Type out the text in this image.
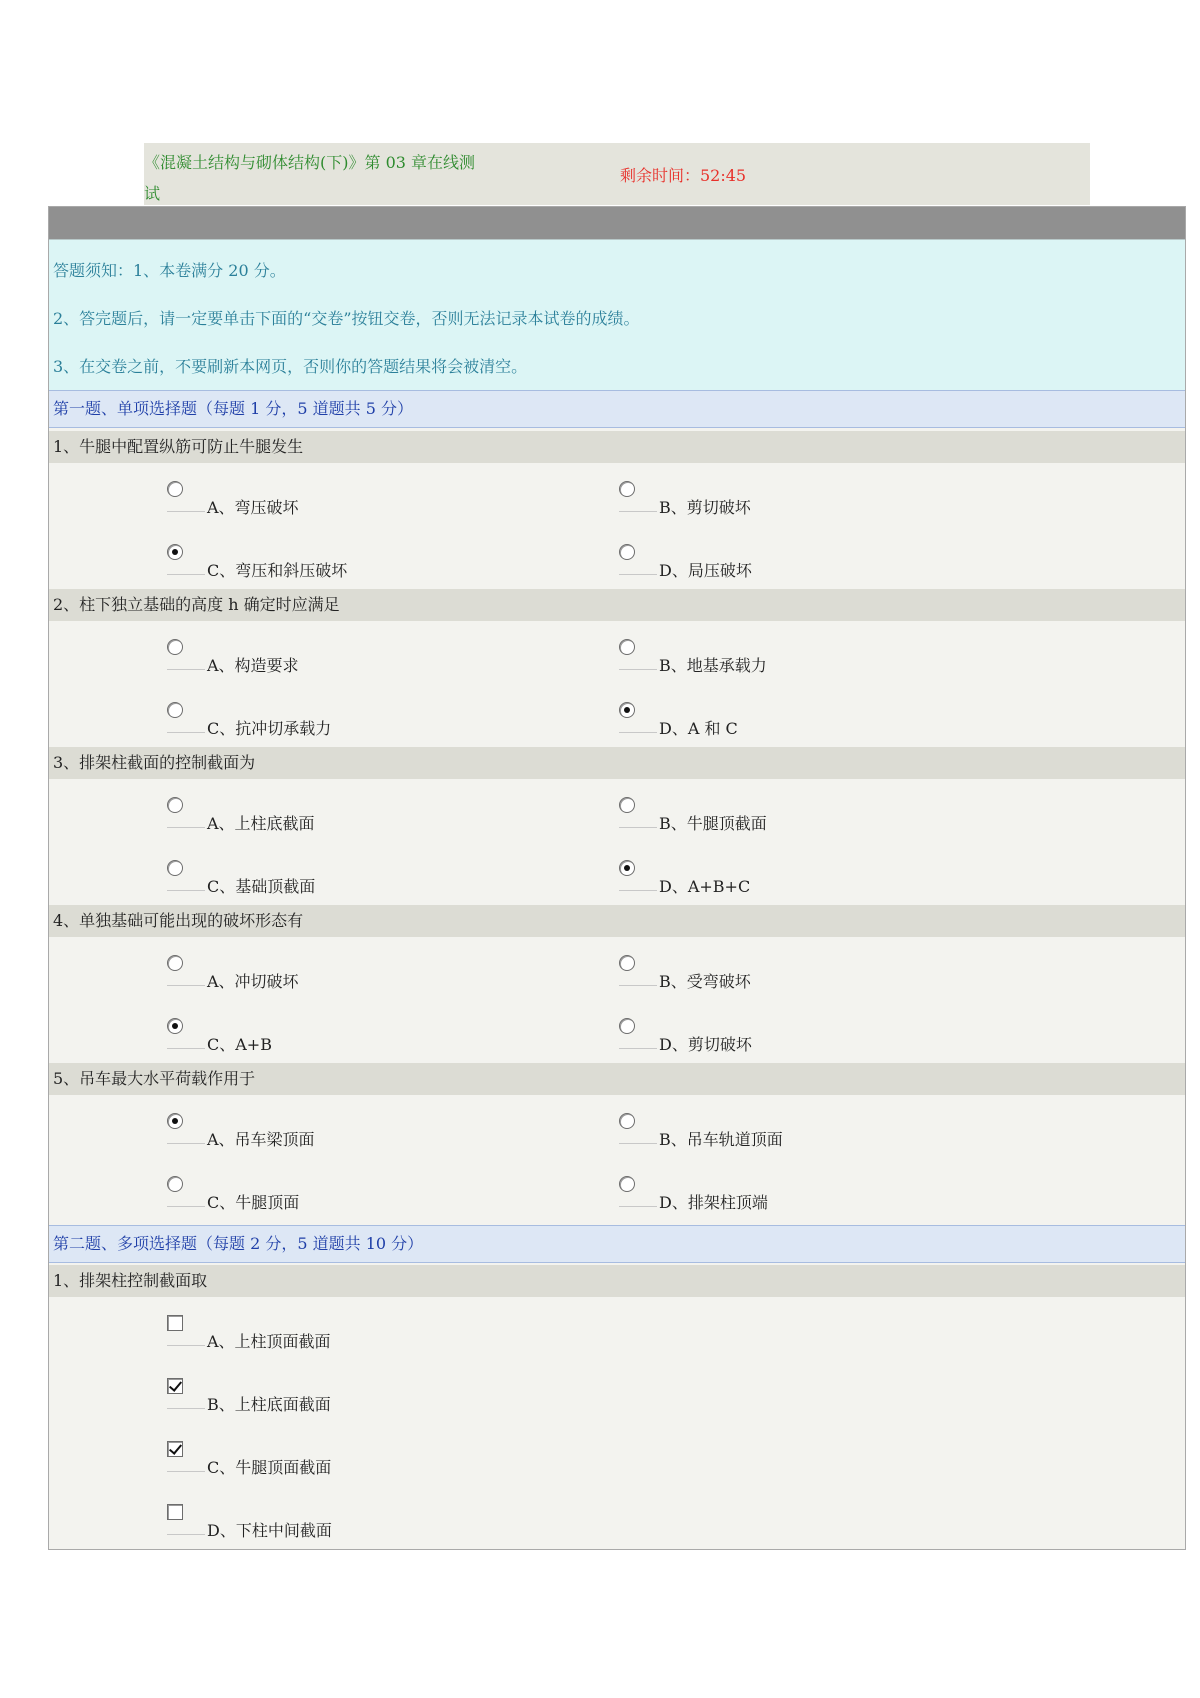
《混凝土结构与砌体结构(下)》第 03 章在线测
试
剩余时间：52:45

答题须知：1、本卷满分 20 分。

2、答完题后，请一定要单击下面的“交卷”按钮交卷，否则无法记录本试卷的成绩。

3、在交卷之前，不要刷新本网页，否则你的答题结果将会被清空。

第一题、单项选择题（每题 1 分，5 道题共 5 分）
1、牛腿中配置纵筋可防止牛腿发生
A、弯压破坏	B、剪切破坏
C、弯压和斜压破坏	D、局压破坏
2、柱下独立基础的高度 h 确定时应满足
A、构造要求	B、地基承载力
C、抗冲切承载力	D、A 和 C
3、排架柱截面的控制截面为
A、上柱底截面	B、牛腿顶截面
C、基础顶截面	D、A+B+C
4、单独基础可能出现的破坏形态有
A、冲切破坏	B、受弯破坏
C、A+B	D、剪切破坏
5、吊车最大水平荷载作用于
A、吊车梁顶面	B、吊车轨道顶面
C、牛腿顶面	D、排架柱顶端
第二题、多项选择题（每题 2 分，5 道题共 10 分）
1、排架柱控制截面取
A、上柱顶面截面
B、上柱底面截面
C、牛腿顶面截面
D、下柱中间截面
